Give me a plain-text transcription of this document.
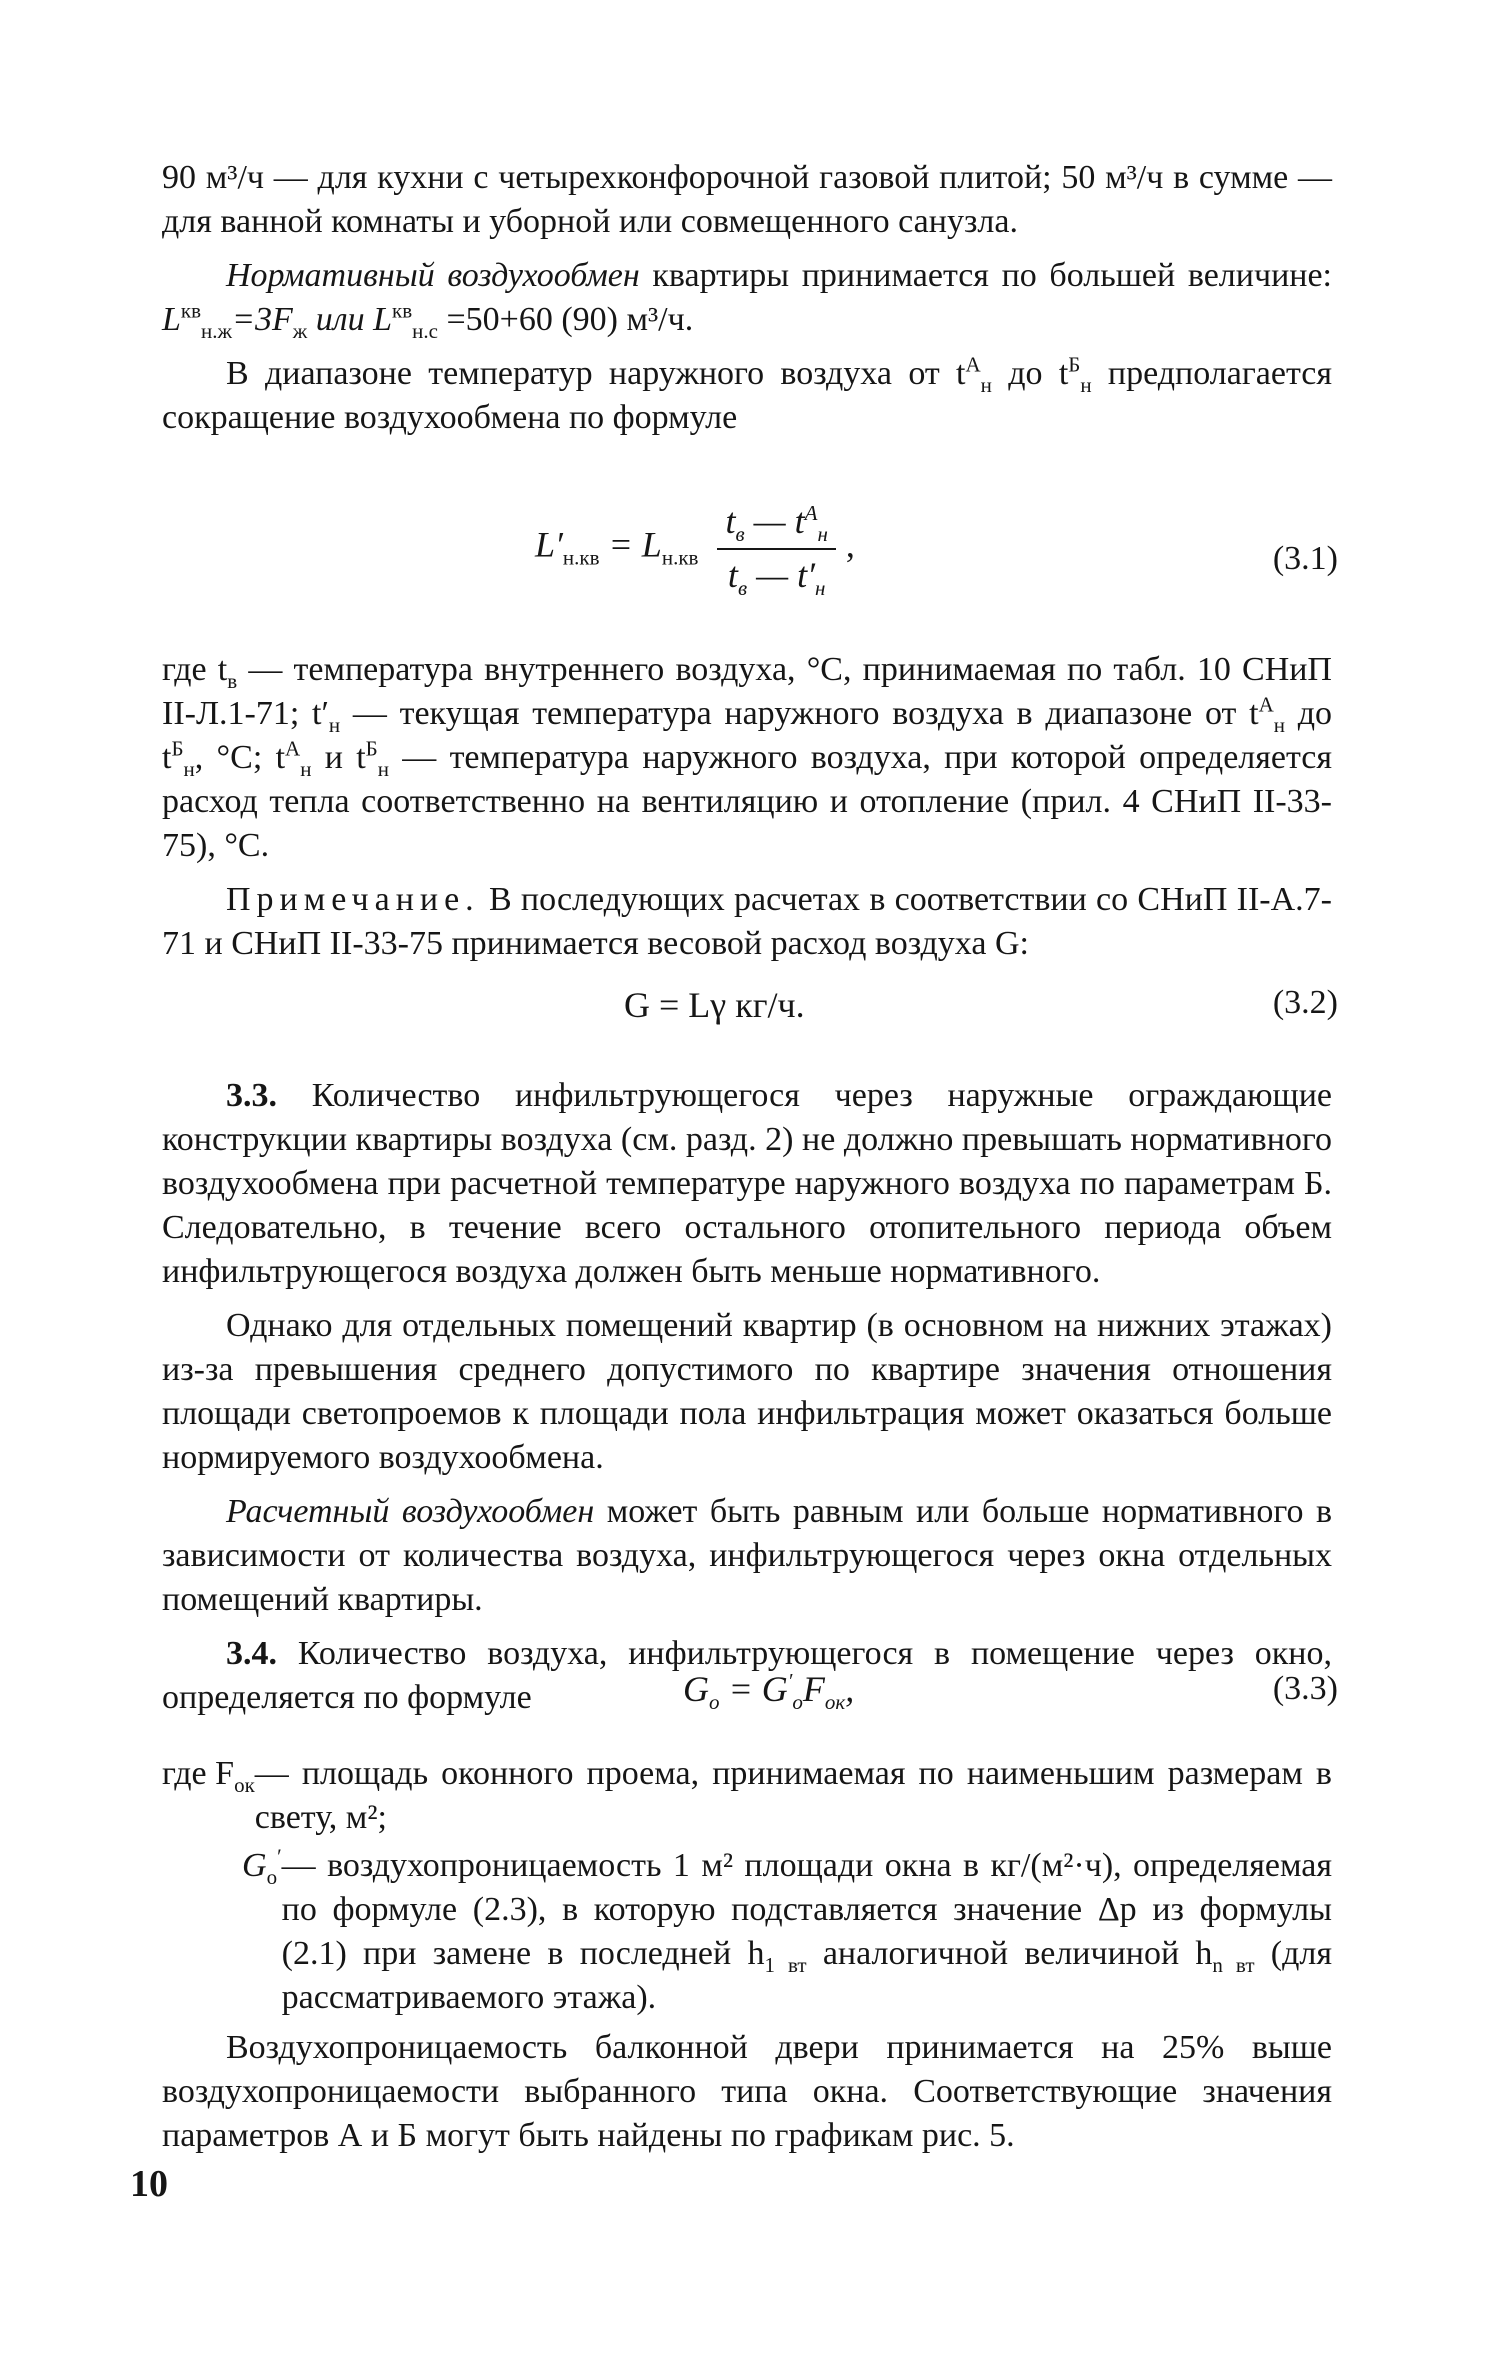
90 м³/ч — для кухни с четырехконфорочной газовой плитой; 50 м³/ч в сумме — для ванной комнаты и уборной или совмещенного санузла.

Нормативный воздухообмен квартиры принимается по большей величине: $L^{кв}_{н.ж}=3F_ж$ или $L^{кв}_{н.с} =50+60$ (90) м³/ч.

В диапазоне температур наружного воздуха от $t^А_н$ до $t^Б_н$ предполагается сокращение воздухообмена по формуле

$L'_{н.кв} = L_{н.кв} \frac{t_в — t^А_н}{t_в — t'_н}$ ,	(3.1)

где $t_в$ — температура внутреннего воздуха, °С, принимаемая по табл. 10 СНиП II-Л.1-71; $t'_н$ — текущая температура наружного воздуха в диапазоне от $t^А_н$ до $t^Б_н$, °С; $t^А_н$ и $t^Б_н$ — температура наружного воздуха, при которой определяется расход тепла соответственно на вентиляцию и отопление (прил. 4 СНиП II-33-75), °С.

Примечание. В последующих расчетах в соответствии со СНиП II-А.7-71 и СНиП II-33-75 принимается весовой расход воздуха G:

G = Lγ кг/ч.	(3.2)

3.3. Количество инфильтрующегося через наружные ограждающие конструкции квартиры воздуха (см. разд. 2) не должно превышать нормативного воздухообмена при расчетной температуре наружного воздуха по параметрам Б. Следовательно, в течение всего остального отопительного периода объем инфильтрующегося воздуха должен быть меньше нормативного.

Однако для отдельных помещений квартир (в основном на нижних этажах) из-за превышения среднего допустимого по квартире значения отношения площади светопроемов к площади пола инфильтрация может оказаться больше нормируемого воздухообмена.

Расчетный воздухообмен может быть равным или больше нормативного в зависимости от количества воздуха, инфильтрующегося через окна отдельных помещений квартиры.

3.4. Количество воздуха, инфильтрующегося в помещение через окно, определяется по формуле	$G_o = G'_oF_{ок}$,	(3.3)
где $F_{ок}$ — площадь оконного проема, принимаемая по наименьшим размерам в свету, м²;
$G_o'$ — воздухопроницаемость 1 м² площади окна в кг/(м²·ч), определяемая по формуле (2.3), в которую подставляется значение Δp из формулы (2.1) при замене в последней $h_{1 вт}$ аналогичной величиной $h_{n вт}$ (для рассматриваемого этажа).

Воздухопроницаемость балконной двери принимается на 25% выше воздухопроницаемости выбранного типа окна. Соответствующие значения параметров А и Б могут быть найдены по графикам рис. 5.

10
